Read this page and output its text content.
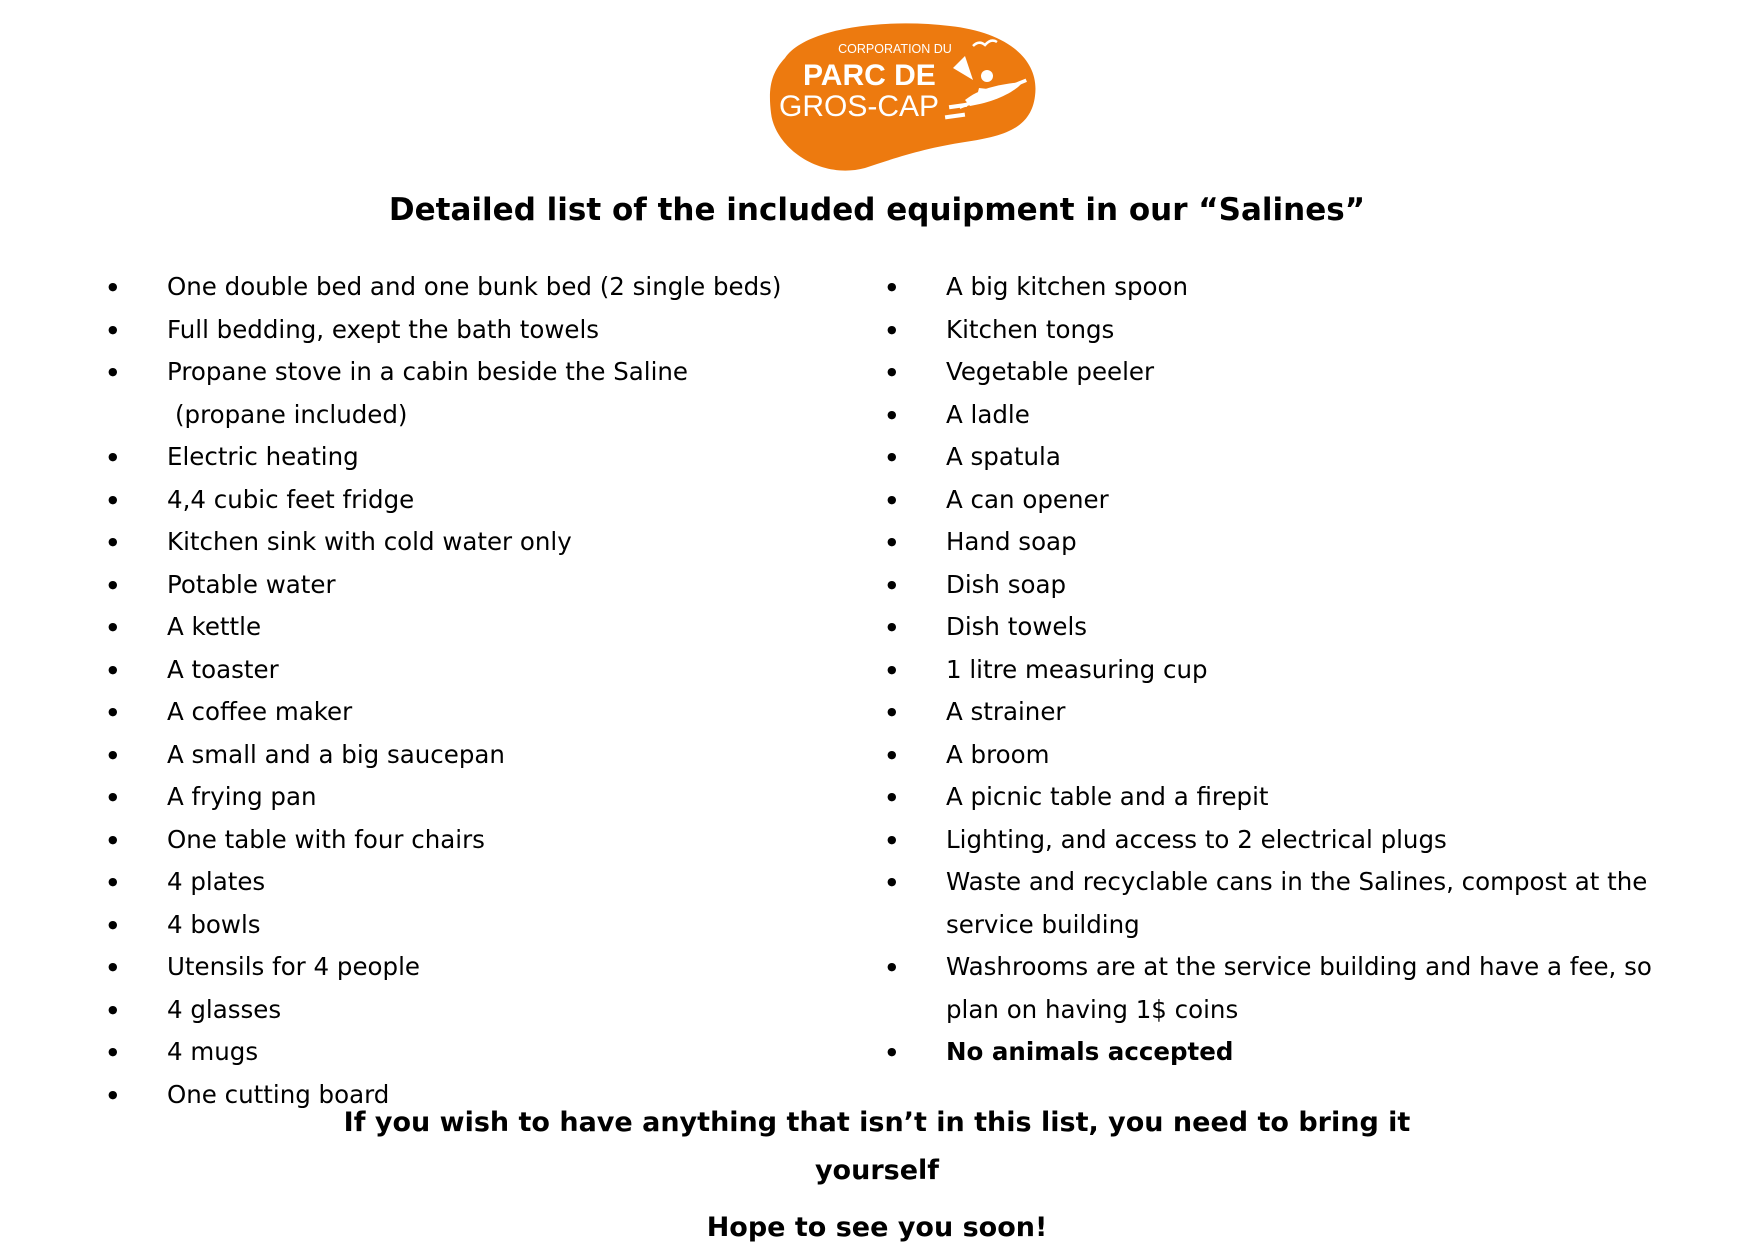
CORPORATION DU
PARC DE
GROS-CAP
Detailed list of the included equipment in our “Salines”
● One double bed and one bunk bed (2 single beds)
● Full bedding, exept the bath towels
● Propane stove in a cabin beside the Saline
(propane included)
● Electric heating
● 4,4 cubic feet fridge
● Kitchen sink with cold water only
● Potable water
● A kettle
● A toaster
● A coffee maker
● A small and a big saucepan
● A frying pan
● One table with four chairs
● 4 plates
● 4 bowls
● Utensils for 4 people
● 4 glasses
● 4 mugs
● One cutting board
● A big kitchen spoon
● Kitchen tongs
● Vegetable peeler
● A ladle
● A spatula
● A can opener
● Hand soap
● Dish soap
● Dish towels
● 1 litre measuring cup
● A strainer
● A broom
● A picnic table and a firepit
● Lighting, and access to 2 electrical plugs
● Waste and recyclable cans in the Salines, compost at the
service building
● Washrooms are at the service building and have a fee, so
plan on having 1$ coins
● No animals accepted

If you wish to have anything that isn’t in this list, you need to bring it
yourself

Hope to see you soon!
